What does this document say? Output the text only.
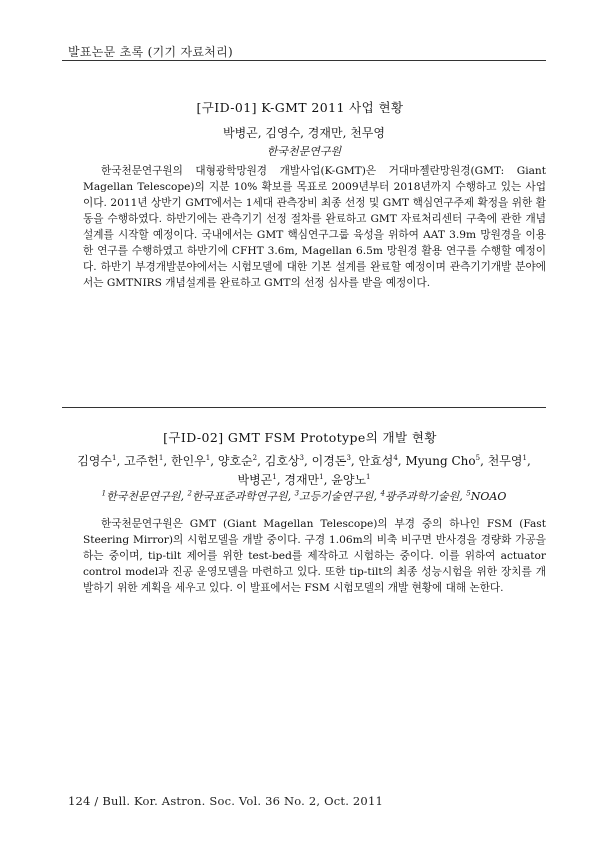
발표논문 초록 (기기 자료처리)
[구ID-01] K-GMT 2011 사업 현황
박병곤, 김영수, 경재만, 천무영
한국천문연구원

한국천문연구원의 대형광학망원경 개발사업(K-GMT)은 거대마젤란망원경(GMT: Giant Magellan Telescope)의 지분 10% 확보를 목표로 2009년부터 2018년까지 수행하고 있는 사업이다. 2011년 상반기 GMT에서는 1세대 관측장비 최종 선정 및 GMT 핵심연구주제 확정을 위한 활동을 수행하였다. 하반기에는 관측기기 선정 절차를 완료하고 GMT 자료처리센터 구축에 관한 개념설계를 시작할 예정이다. 국내에서는 GMT 핵심연구그룹 육성을 위하여 AAT 3.9m 망원경을 이용한 연구를 수행하였고 하반기에 CFHT 3.6m, Magellan 6.5m 망원경 활용 연구를 수행할 예정이다. 하반기 부경개발분야에서는 시험모델에 대한 기본 설계를 완료할 예정이며 관측기기개발 분야에서는 GMTNIRS 개념설계를 완료하고 GMT의 선정 심사를 받을 예정이다.

[구ID-02] GMT FSM Prototype의 개발 현황
김영수$^1$, 고주헌$^1$, 한인우$^1$, 양호순$^2$, 김호상$^3$, 이경돈$^3$, 안효성$^4$, Myung Cho$^5$, 천무영$^1$,
박병곤$^1$, 경재만$^1$, 윤양노$^1$
$^1$한국천문연구원, $^2$한국표준과학연구원, $^3$고등기술연구원, $^4$광주과학기술원, $^5$NOAO

한국천문연구원은 GMT (Giant Magellan Telescope)의 부경 중의 하나인 FSM (Fast Steering Mirror)의 시험모델을 개발 중이다. 구경 1.06m의 비축 비구면 반사경을 경량화 가공을 하는 중이며, tip-tilt 제어를 위한 test-bed를 제작하고 시험하는 중이다. 이를 위하여 actuator control model과 진공 운영모델을 마련하고 있다. 또한 tip-tilt의 최종 성능시험을 위한 장치를 개발하기 위한 계획을 세우고 있다. 이 발표에서는 FSM 시험모델의 개발 현황에 대해 논한다.

124 / Bull. Kor. Astron. Soc. Vol. 36 No. 2, Oct. 2011
